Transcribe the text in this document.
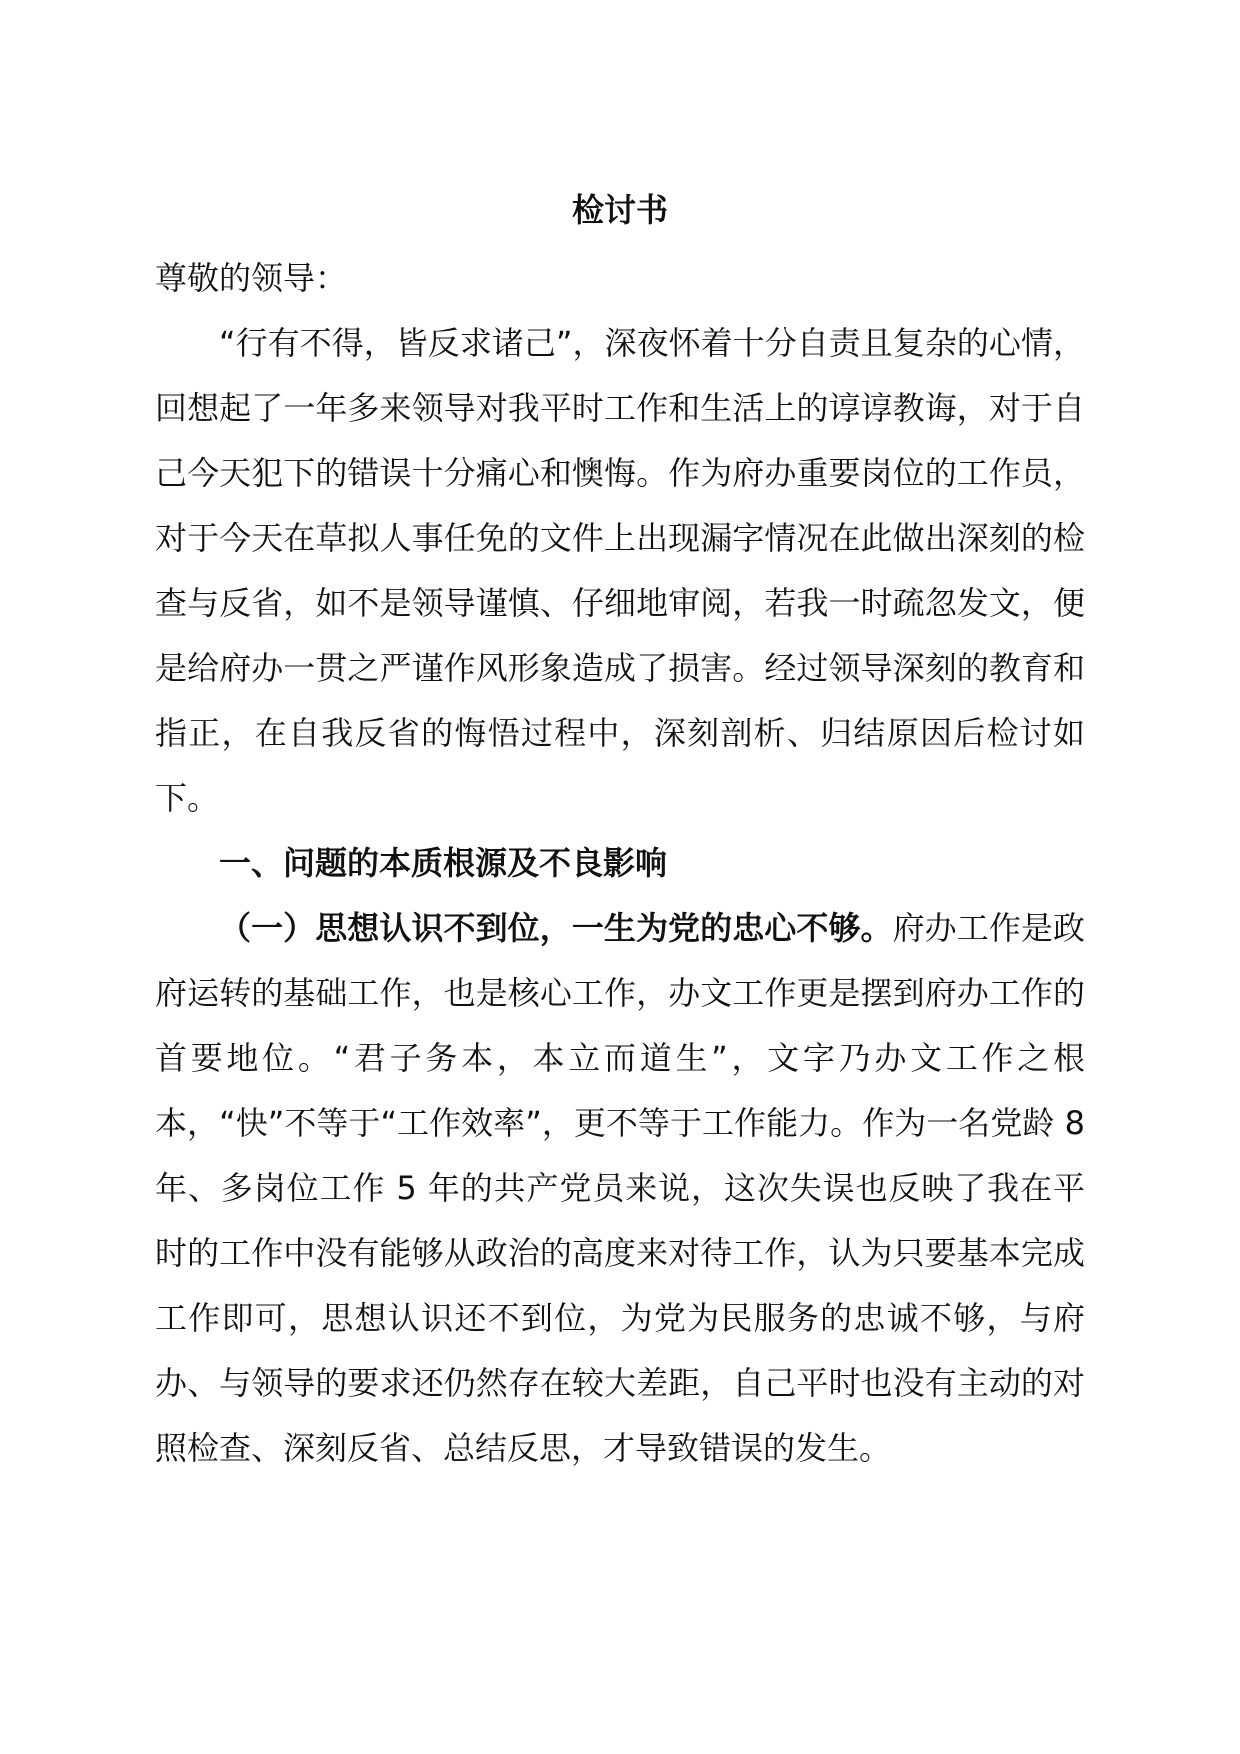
检讨书

尊敬的领导：

“行有不得，皆反求诸己”，深夜怀着十分自责且复杂的心情，回想起了一年多来领导对我平时工作和生活上的谆谆教诲，对于自己今天犯下的错误十分痛心和懊悔。作为府办重要岗位的工作员，对于今天在草拟人事任免的文件上出现漏字情况在此做出深刻的检查与反省，如不是领导谨慎、仔细地审阅，若我一时疏忽发文，便是给府办一贯之严谨作风形象造成了损害。经过领导深刻的教育和指正，在自我反省的悔悟过程中，深刻剖析、归结原因后检讨如下。

一、问题的本质根源及不良影响

（一）思想认识不到位，一生为党的忠心不够。府办工作是政府运转的基础工作，也是核心工作，办文工作更是摆到府办工作的首要地位。“君子务本，本立而道生”，文字乃办文工作之根本，“快”不等于“工作效率”，更不等于工作能力。作为一名党龄 8 年、多岗位工作 5 年的共产党员来说，这次失误也反映了我在平时的工作中没有能够从政治的高度来对待工作，认为只要基本完成工作即可，思想认识还不到位，为党为民服务的忠诚不够，与府办、与领导的要求还仍然存在较大差距，自己平时也没有主动的对照检查、深刻反省、总结反思，才导致错误的发生。
